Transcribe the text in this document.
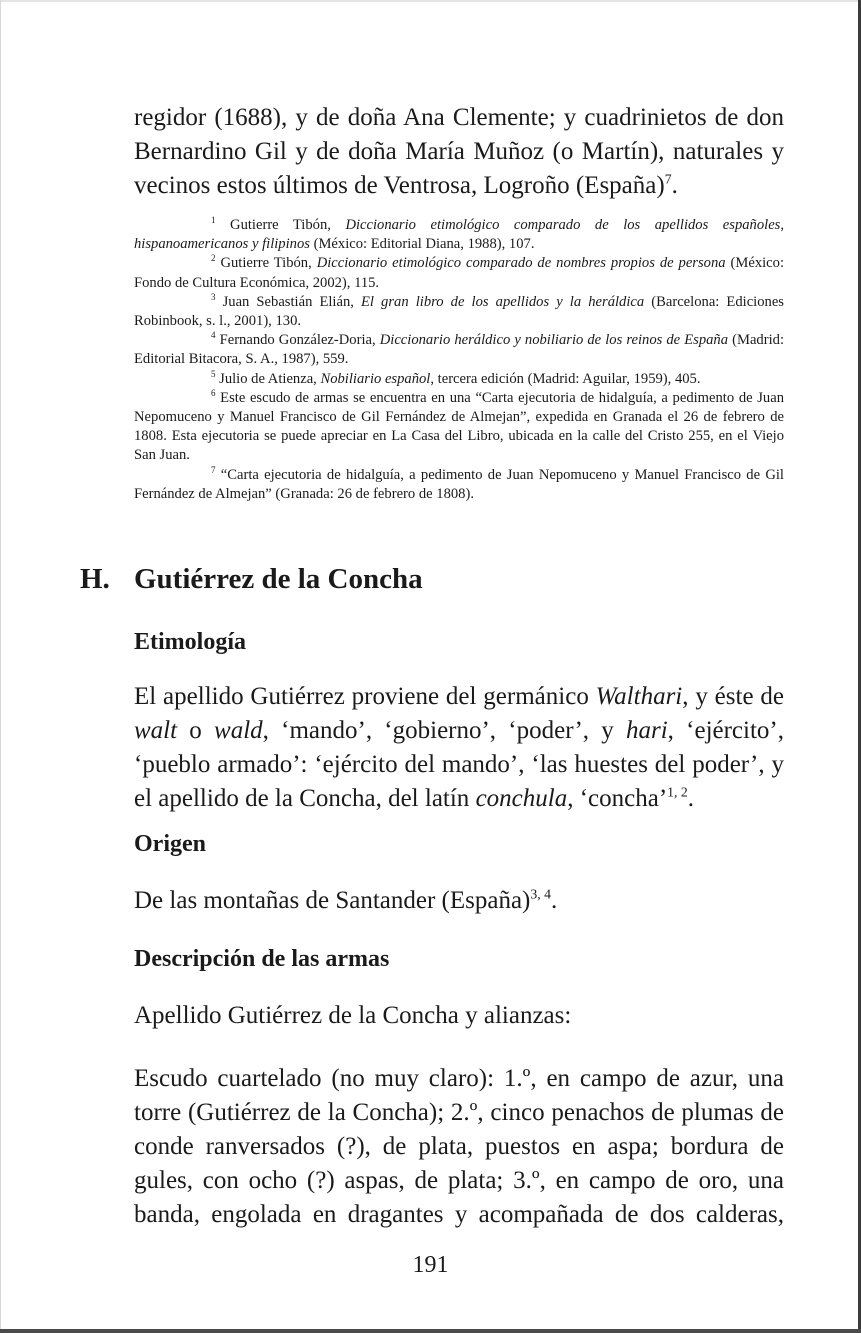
regidor (1688), y de doña Ana Clemente; y cuadrinietos de don
Bernardino Gil y de doña María Muñoz (o Martín), naturales y
vecinos estos últimos de Ventrosa, Logroño (España)$^7$.

$^1$ Gutierre Tibón, Diccionario etimológico comparado de los apellidos españoles, hispanoamericanos y filipinos (México: Editorial Diana, 1988), 107.

$^2$ Gutierre Tibón, Diccionario etimológico comparado de nombres propios de persona (México: Fondo de Cultura Económica, 2002), 115.

$^3$ Juan Sebastián Elián, El gran libro de los apellidos y la heráldica (Barcelona: Ediciones Robinbook, s. l., 2001), 130.

$^4$ Fernando González-Doria, Diccionario heráldico y nobiliario de los reinos de España (Madrid: Editorial Bitacora, S. A., 1987), 559.

$^5$ Julio de Atienza, Nobiliario español, tercera edición (Madrid: Aguilar, 1959), 405.

$^6$ Este escudo de armas se encuentra en una “Carta ejecutoria de hidalguía, a pedimento de Juan Nepomuceno y Manuel Francisco de Gil Fernández de Almejan”, expedida en Granada el 26 de febrero de 1808. Esta ejecutoria se puede apreciar en La Casa del Libro, ubicada en la calle del Cristo 255, en el Viejo San Juan.

$^7$ “Carta ejecutoria de hidalguía, a pedimento de Juan Nepomuceno y Manuel Francisco de Gil Fernández de Almejan” (Granada: 26 de febrero de 1808).

H. Gutiérrez de la Concha
Etimología

El apellido Gutiérrez proviene del germánico Walthari, y éste de walt o wald, ‘mando’, ‘gobierno’, ‘poder’, y hari, ‘ejército’, ‘pueblo armado’: ‘ejército del mando’, ‘las huestes del poder’, y el apellido de la Concha, del latín conchula, ‘concha’$^{1, 2}$.

Origen

De las montañas de Santander (España)$^{3, 4}$.

Descripción de las armas

Apellido Gutiérrez de la Concha y alianzas:

Escudo cuartelado (no muy claro): 1.º, en campo de azur, una torre (Gutiérrez de la Concha); 2.º, cinco penachos de plumas de conde ranversados (?), de plata, puestos en aspa; bordura de gules, con ocho (?) aspas, de plata; 3.º, en campo de oro, una banda, engolada en dragantes y acompañada de dos calderas,

191
